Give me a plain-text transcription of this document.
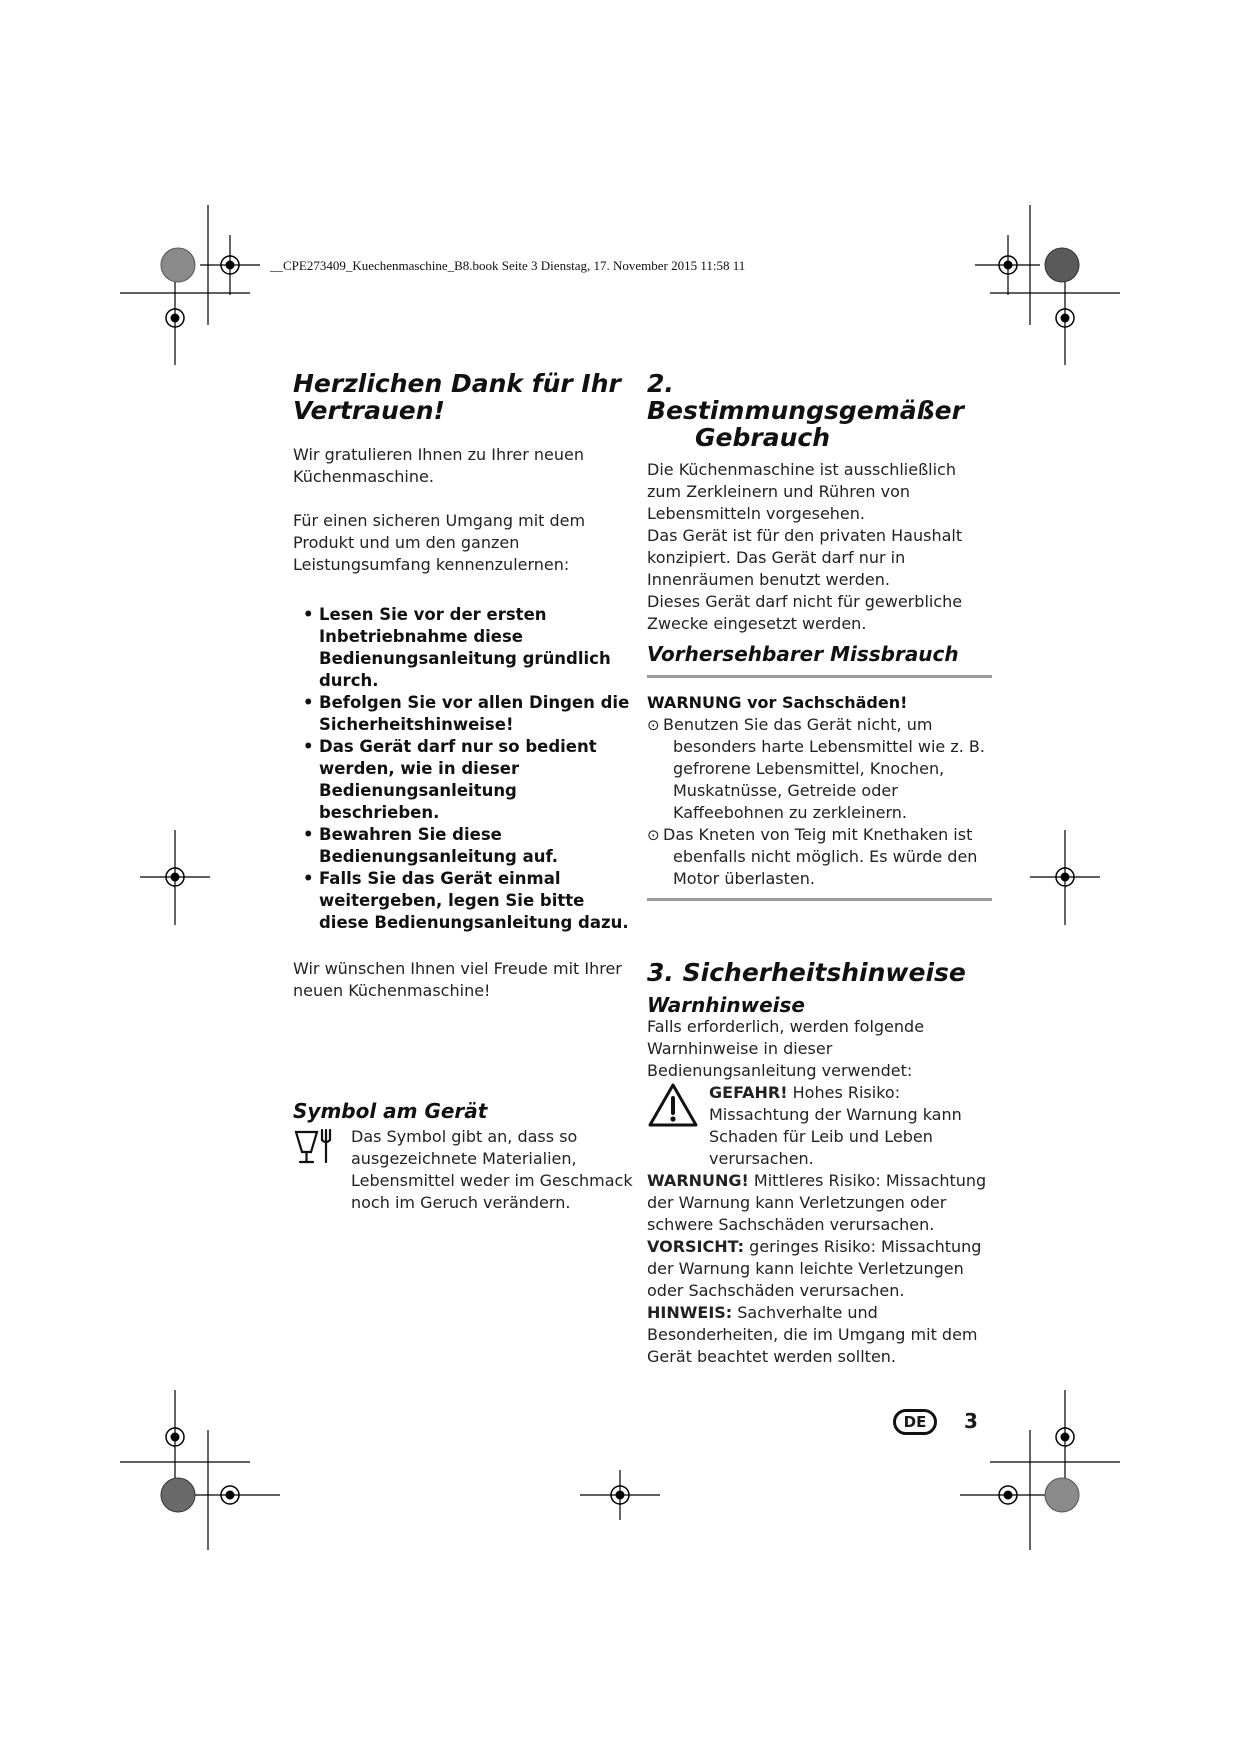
__CPE273409_Kuechenmaschine_B8.book Seite 3 Dienstag, 17. November 2015 11:58 11
Herzlichen Dank für Ihr Vertrauen!

Wir gratulieren Ihnen zu Ihrer neuen Küchenmaschine.

Für einen sicheren Umgang mit dem Produkt und um den ganzen Leistungsumfang kennenzulernen:

• Lesen Sie vor der ersten Inbetriebnahme diese Bedienungsanleitung gründlich durch.
• Befolgen Sie vor allen Dingen die Sicherheitshinweise!
• Das Gerät darf nur so bedient werden, wie in dieser Bedienungsanleitung beschrieben.
• Bewahren Sie diese Bedienungsanleitung auf.
• Falls Sie das Gerät einmal weitergeben, legen Sie bitte diese Bedienungsanleitung dazu.

Wir wünschen Ihnen viel Freude mit Ihrer neuen Küchenmaschine!

Symbol am Gerät

Das Symbol gibt an, dass so ausgezeichnete Materialien, Lebensmittel weder im Geschmack noch im Geruch verändern.

2.Bestimmungsgemäßer
Gebrauch

Die Küchenmaschine ist ausschließlich zum Zerkleinern und Rühren von Lebensmitteln vorgesehen.

Das Gerät ist für den privaten Haushalt konzipiert. Das Gerät darf nur in Innenräumen benutzt werden.

Dieses Gerät darf nicht für gewerbliche Zwecke eingesetzt werden.

Vorhersehbarer Missbrauch
WARNUNG vor Sachschäden!
⊙ Benutzen Sie das Gerät nicht, um besonders harte Lebensmittel wie z. B. gefrorene Lebensmittel, Knochen, Muskatnüsse, Getreide oder Kaffeebohnen zu zerkleinern.
⊙ Das Kneten von Teig mit Knethaken ist ebenfalls nicht möglich. Es würde den Motor überlasten.
3. Sicherheitshinweise
Warnhinweise

Falls erforderlich, werden folgende Warnhinweise in dieser Bedienungsanleitung verwendet:

GEFAHR! Hohes Risiko: Missachtung der Warnung kann Schaden für Leib und Leben verursachen.

WARNUNG! Mittleres Risiko: Missachtung der Warnung kann Verletzungen oder schwere Sachschäden verursachen.

VORSICHT: geringes Risiko: Missachtung der Warnung kann leichte Verletzungen oder Sachschäden verursachen.

HINWEIS: Sachverhalte und Besonderheiten, die im Umgang mit dem Gerät beachtet werden sollten.

DE	3
